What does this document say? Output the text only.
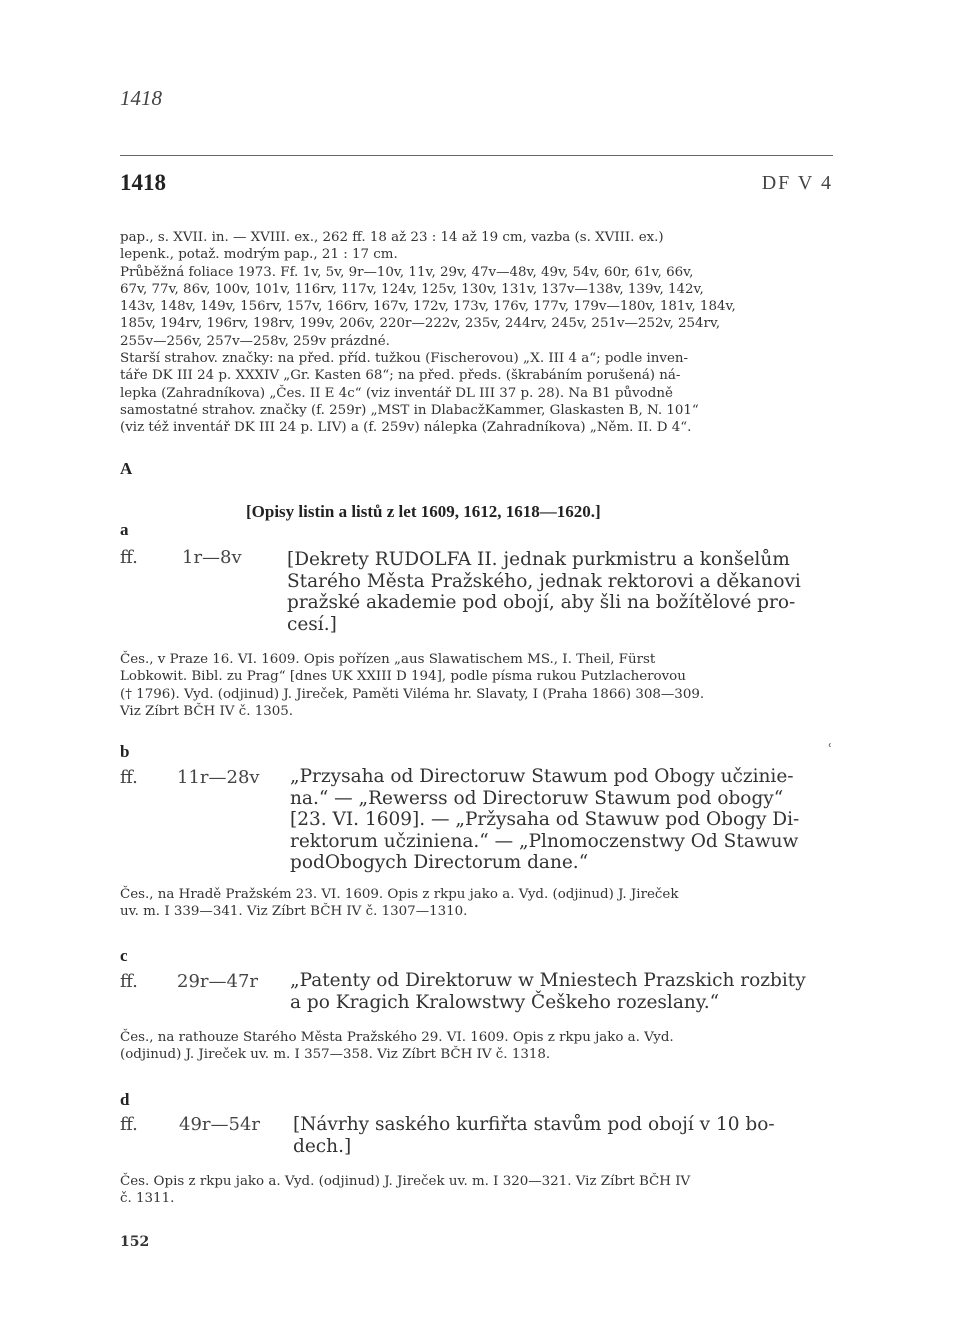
1418
1418	DF V 4

pap., s. XVII. in. — XVIII. ex., 262 ff. 18 až 23 : 14 až 19 cm, vazba (s. XVIII. ex.)

lepenk., potaž. modrým pap., 21 : 17 cm.

Průběžná foliace 1973. Ff. 1v, 5v, 9r—10v, 11v, 29v, 47v—48v, 49v, 54v, 60r, 61v, 66v,

67v, 77v, 86v, 100v, 101v, 116rv, 117v, 124v, 125v, 130v, 131v, 137v—138v, 139v, 142v,

143v, 148v, 149v, 156rv, 157v, 166rv, 167v, 172v, 173v, 176v, 177v, 179v—180v, 181v, 184v,

185v, 194rv, 196rv, 198rv, 199v, 206v, 220r—222v, 235v, 244rv, 245v, 251v—252v, 254rv,

255v—256v, 257v—258v, 259v prázdné.

Starší strahov. značky: na před. příd. tužkou (Fischerovou) „X. III 4 a“; podle inven-

táře DK III 24 p. XXXIV „Gr. Kasten 68“; na před. předs. (škrabáním porušená) ná-

lepka (Zahradníkova) „Čes. II E 4c“ (viz inventář DL III 37 p. 28). Na B1 původně

samostatné strahov. značky (f. 259r) „MST in DlabacžKammer, Glaskasten B, N. 101“

(viz též inventář DK III 24 p. LIV) a (f. 259v) nálepka (Zahradníkova) „Něm. II. D 4“.

A
[Opisy listin a listů z let 1609, 1612, 1618—1620.]
a
ff. 1r—8v [Dekrety RUDOLFA II. jednak purkmistru a konšelům
Starého Města Pražského, jednak rektorovi a děkanovi
pražské akademie pod obojí, aby šli na božítělové pro-
cesí.]

Čes., v Praze 16. VI. 1609. Opis pořízen „aus Slawatischem MS., I. Theil, Fürst

Lobkowit. Bibl. zu Prag“ [dnes UK XXIII D 194], podle písma rukou Putzlacherovou

(† 1796). Vyd. (odjinud) J. Jireček, Paměti Viléma hr. Slavaty, I (Praha 1866) 308—309.

Viz Zíbrt BČH IV č. 1305.

b	ʿ
ff. 11r—28v „Przysaha od Directoruw Stawum pod Obogy učzinie-
na.“ — „Rewerss od Directoruw Stawum pod obogy“
[23. VI. 1609]. — „Pržysaha od Stawuw pod Obogy Di-
rektorum učziniena.“ — „Plnomoczenstwy Od Stawuw
podObogych Directorum dane.“

Čes., na Hradě Pražském 23. VI. 1609. Opis z rkpu jako a. Vyd. (odjinud) J. Jireček

uv. m. I 339—341. Viz Zíbrt BČH IV č. 1307—1310.

c
ff. 29r—47r „Patenty od Direktoruw w Mniestech Prazskich rozbity
a po Kragich Kralowstwy Češkeho rozeslany.“

Čes., na rathouze Starého Města Pražského 29. VI. 1609. Opis z rkpu jako a. Vyd.

(odjinud) J. Jireček uv. m. I 357—358. Viz Zíbrt BČH IV č. 1318.

d
ff. 49r—54r [Návrhy saského kurfiřta stavům pod obojí v 10 bo-
dech.]

Čes. Opis z rkpu jako a. Vyd. (odjinud) J. Jireček uv. m. I 320—321. Viz Zíbrt BČH IV

č. 1311.

152
